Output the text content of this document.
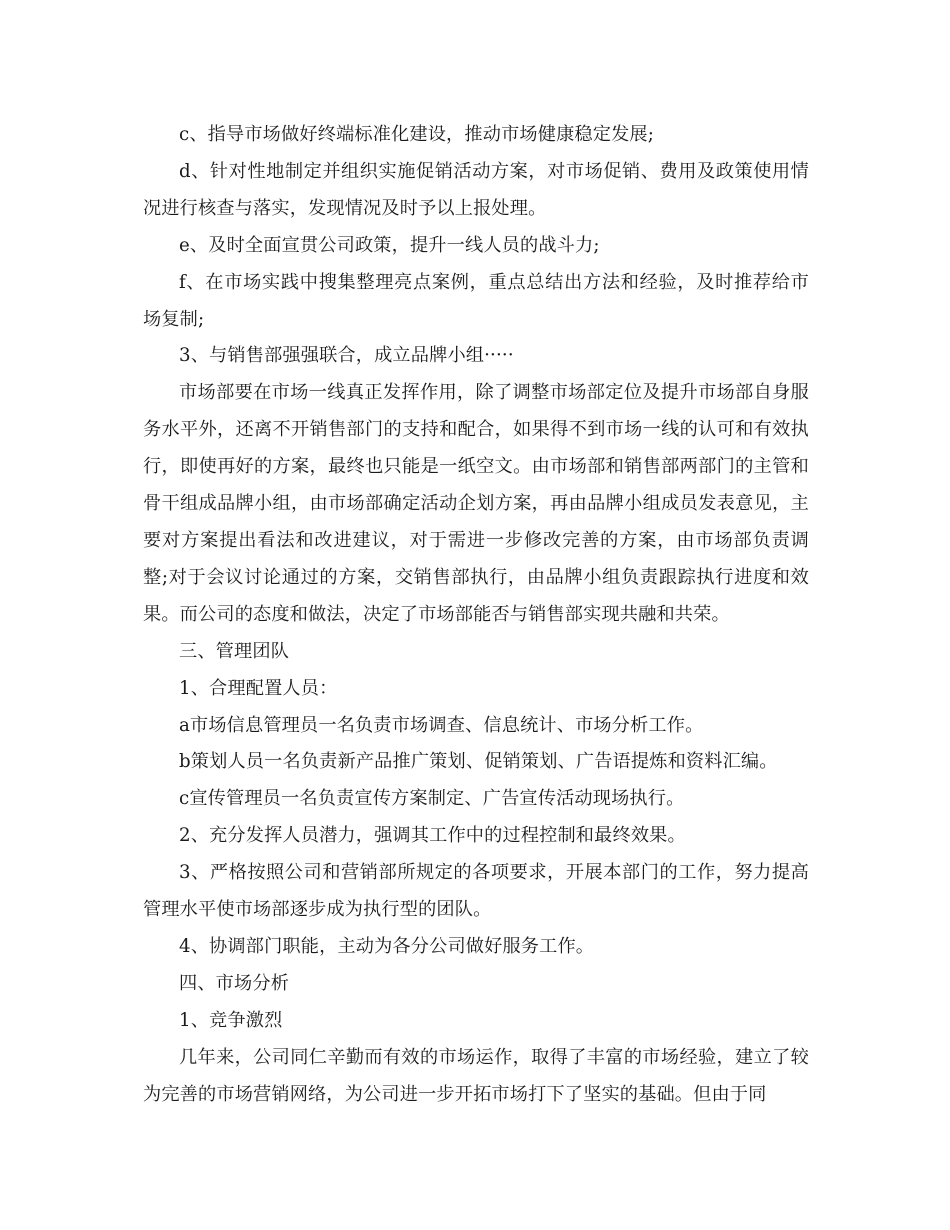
c、指导市场做好终端标准化建设，推动市场健康稳定发展;

d、针对性地制定并组织实施促销活动方案，对市场促销、费用及政策使用情况进行核查与落实，发现情况及时予以上报处理。

e、及时全面宣贯公司政策，提升一线人员的战斗力;

f、在市场实践中搜集整理亮点案例，重点总结出方法和经验，及时推荐给市场复制;

3、与销售部强强联合，成立品牌小组·····

市场部要在市场一线真正发挥作用，除了调整市场部定位及提升市场部自身服务水平外，还离不开销售部门的支持和配合，如果得不到市场一线的认可和有效执行，即使再好的方案，最终也只能是一纸空文。由市场部和销售部两部门的主管和骨干组成品牌小组，由市场部确定活动企划方案，再由品牌小组成员发表意见，主要对方案提出看法和改进建议，对于需进一步修改完善的方案，由市场部负责调整;对于会议讨论通过的方案，交销售部执行，由品牌小组负责跟踪执行进度和效果。而公司的态度和做法，决定了市场部能否与销售部实现共融和共荣。

三、管理团队

1、合理配置人员：

a市场信息管理员一名负责市场调查、信息统计、市场分析工作。

b策划人员一名负责新产品推广策划、促销策划、广告语提炼和资料汇编。

c宣传管理员一名负责宣传方案制定、广告宣传活动现场执行。

2、充分发挥人员潜力，强调其工作中的过程控制和最终效果。

3、严格按照公司和营销部所规定的各项要求，开展本部门的工作，努力提高管理水平使市场部逐步成为执行型的团队。

4、协调部门职能，主动为各分公司做好服务工作。

四、市场分析

1、竞争激烈

几年来，公司同仁辛勤而有效的市场运作，取得了丰富的市场经验，建立了较为完善的市场营销网络，为公司进一步开拓市场打下了坚实的基础。但由于同
